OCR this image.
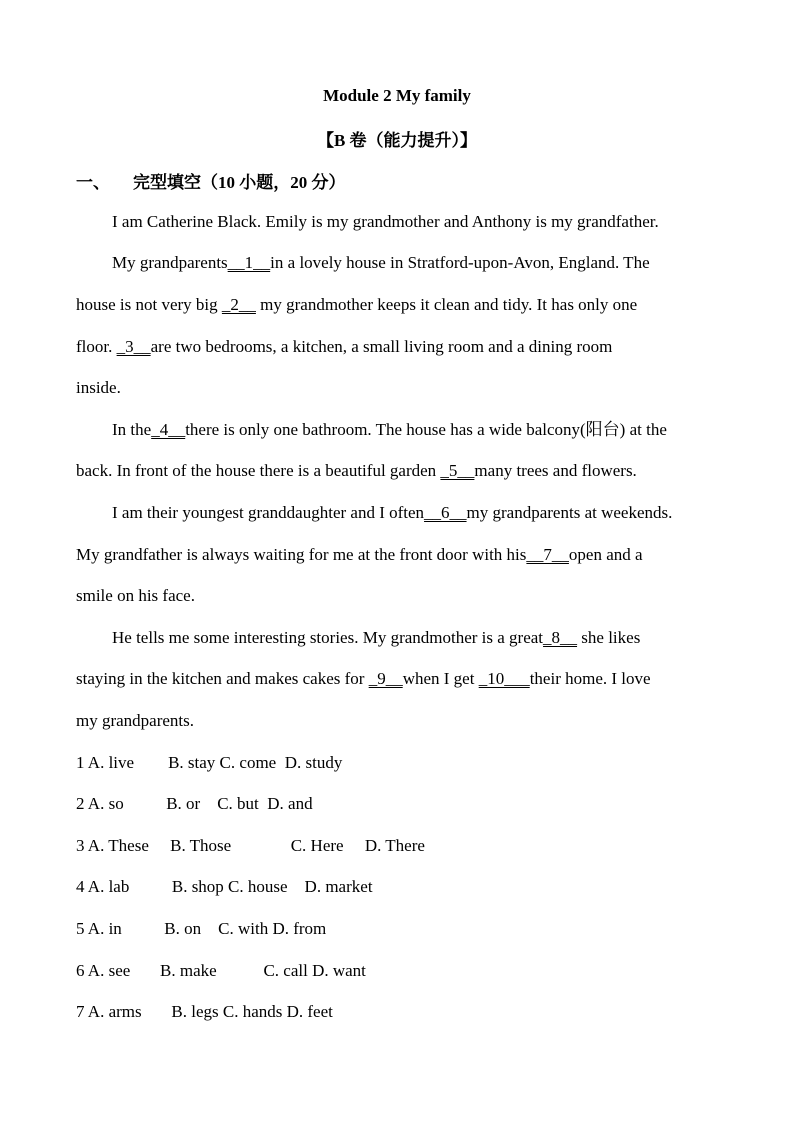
Module 2 My family
【B 卷（能力提升）】
一、 完型填空（10 小题，20 分）
I am Catherine Black. Emily is my grandmother and Anthony is my grandfather.
My grandparents__1__in a lovely house in Stratford-upon-Avon, England. The
house is not very big _2__ my grandmother keeps it clean and tidy. It has only one
floor. _3__are two bedrooms, a kitchen, a small living room and a dining room
inside.
In the_4__there is only one bathroom. The house has a wide balcony(阳台) at the
back. In front of the house there is a beautiful garden _5__many trees and flowers.
I am their youngest granddaughter and I often__6__my grandparents at weekends.
My grandfather is always waiting for me at the front door with his__7__open and a
smile on his face.
He tells me some interesting stories. My grandmother is a great_8__ she likes
staying in the kitchen and makes cakes for _9__when I get _10___their home. I love
my grandparents.
1 A. live        B. stay C. come  D. study
2 A. so          B. or    C. but  D. and
3 A. These     B. Those              C. Here     D. There
4 A. lab          B. shop C. house    D. market
5 A. in          B. on    C. with D. from
6 A. see       B. make           C. call D. want
7 A. arms       B. legs C. hands D. feet
